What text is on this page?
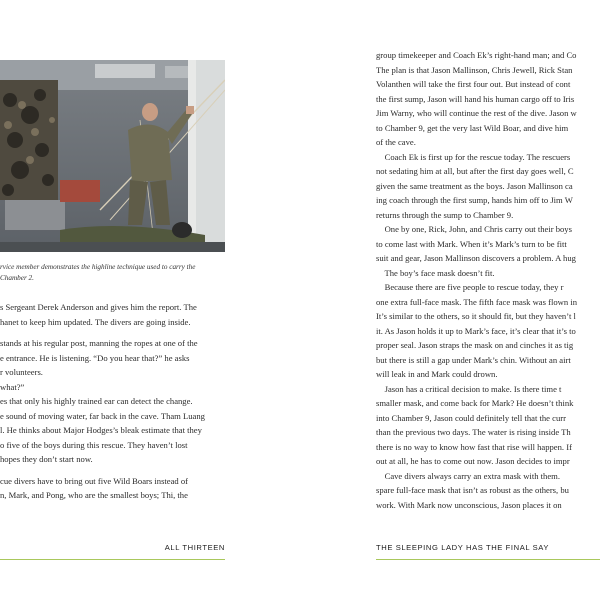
rvice member demonstrates the highline technique used to carry the
Chamber 2.

s Sergeant Derek Anderson and gives him the report. The

hanet to keep him updated. The divers are going inside.

stands at his regular post, manning the ropes at one of the

e entrance. He is listening. “Do you hear that?” he asks

r volunteers.

what?”

es that only his highly trained ear can detect the change.

e sound of moving water, far back in the cave. Tham Luang

l. He thinks about Major Hodges’s bleak estimate that they

o five of the boys during this rescue. They haven’t lost

hopes they don’t start now.

cue divers have to bring out five Wild Boars instead of

n, Mark, and Pong, who are the smallest boys; Thi, the

ALL THIRTEEN

group timekeeper and Coach Ek’s right-hand man; and Co

The plan is that Jason Mallinson, Chris Jewell, Rick Stan

Volanthen will take the first four out. But instead of cont

the first sump, Jason will hand his human cargo off to Iris

Jim Warny, who will continue the rest of the dive. Jason w

to Chamber 9, get the very last Wild Boar, and dive him

of the cave.

Coach Ek is first up for the rescue today. The rescuers

not sedating him at all, but after the first day goes well, C

given the same treatment as the boys. Jason Mallinson ca

ing coach through the first sump, hands him off to Jim W

returns through the sump to Chamber 9.

One by one, Rick, John, and Chris carry out their boys

to come last with Mark. When it’s Mark’s turn to be fitt

suit and gear, Jason Mallinson discovers a problem. A hug

The boy’s face mask doesn’t fit.

Because there are five people to rescue today, they r

one extra full-face mask. The fifth face mask was flown in

It’s similar to the others, so it should fit, but they haven’t l

it. As Jason holds it up to Mark’s face, it’s clear that it’s to

proper seal. Jason straps the mask on and cinches it as tig

but there is still a gap under Mark’s chin. Without an airt

will leak in and Mark could drown.

Jason has a critical decision to make. Is there time t

smaller mask, and come back for Mark? He doesn’t think

into Chamber 9, Jason could definitely tell that the curr

than the previous two days. The water is rising inside Th

there is no way to know how fast that rise will happen. If

out at all, he has to come out now. Jason decides to impr

Cave divers always carry an extra mask with them.

spare full-face mask that isn’t as robust as the others, bu

work. With Mark now unconscious, Jason places it on

THE SLEEPING LADY HAS THE FINAL SAY
